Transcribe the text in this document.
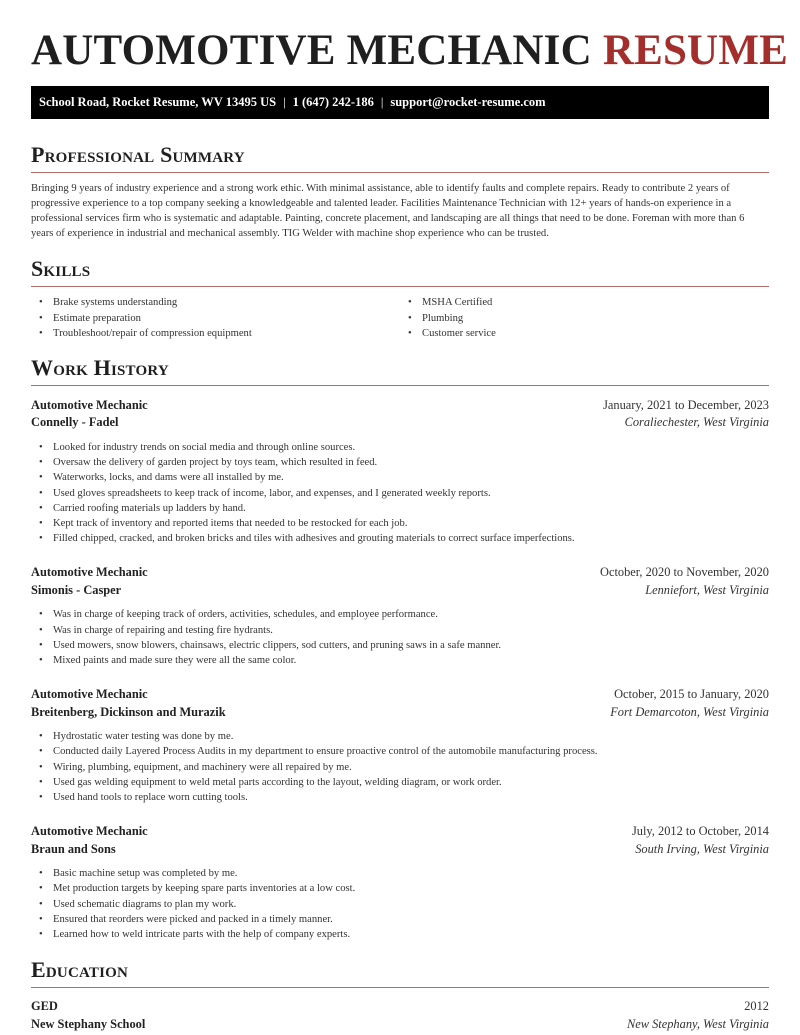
AUTOMOTIVE MECHANIC RESUME
School Road, Rocket Resume, WV 13495 US | 1 (647) 242-186 | support@rocket-resume.com
Professional Summary

Bringing 9 years of industry experience and a strong work ethic. With minimal assistance, able to identify faults and complete repairs. Ready to contribute 2 years of progressive experience to a top company seeking a knowledgeable and talented leader. Facilities Maintenance Technician with 12+ years of hands-on experience in a professional services firm who is systematic and adaptable. Painting, concrete placement, and landscaping are all things that need to be done. Foreman with more than 6 years of experience in industrial and mechanical assembly. TIG Welder with machine shop experience who can be trusted.

Skills
• Brake systems understanding
• Estimate preparation
• Troubleshoot/repair of compression equipment
• MSHA Certified
• Plumbing
• Customer service
Work History
Automotive Mechanic	January, 2021 to December, 2023
Connelly - Fadel	Coraliechester, West Virginia
• Looked for industry trends on social media and through online sources.
• Oversaw the delivery of garden project by toys team, which resulted in feed.
• Waterworks, locks, and dams were all installed by me.
• Used gloves spreadsheets to keep track of income, labor, and expenses, and I generated weekly reports.
• Carried roofing materials up ladders by hand.
• Kept track of inventory and reported items that needed to be restocked for each job.
• Filled chipped, cracked, and broken bricks and tiles with adhesives and grouting materials to correct surface imperfections.
Automotive Mechanic	October, 2020 to November, 2020
Simonis - Casper	Lenniefort, West Virginia
• Was in charge of keeping track of orders, activities, schedules, and employee performance.
• Was in charge of repairing and testing fire hydrants.
• Used mowers, snow blowers, chainsaws, electric clippers, sod cutters, and pruning saws in a safe manner.
• Mixed paints and made sure they were all the same color.
Automotive Mechanic	October, 2015 to January, 2020
Breitenberg, Dickinson and Murazik	Fort Demarcoton, West Virginia
• Hydrostatic water testing was done by me.
• Conducted daily Layered Process Audits in my department to ensure proactive control of the automobile manufacturing process.
• Wiring, plumbing, equipment, and machinery were all repaired by me.
• Used gas welding equipment to weld metal parts according to the layout, welding diagram, or work order.
• Used hand tools to replace worn cutting tools.
Automotive Mechanic	July, 2012 to October, 2014
Braun and Sons	South Irving, West Virginia
• Basic machine setup was completed by me.
• Met production targets by keeping spare parts inventories at a low cost.
• Used schematic diagrams to plan my work.
• Ensured that reorders were picked and packed in a timely manner.
• Learned how to weld intricate parts with the help of company experts.
Education
GED	2012
New Stephany School	New Stephany, West Virginia
